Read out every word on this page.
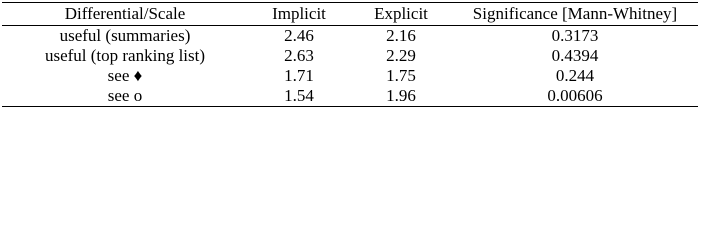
Differential/Scale	Implicit	Explicit	Significance [Mann-Whitney]
useful (summaries)	2.46	2.16	0.3173
useful (top ranking list)	2.63	2.29	0.4394
see ♦	1.71	1.75	0.244
see o	1.54	1.96	0.00606
